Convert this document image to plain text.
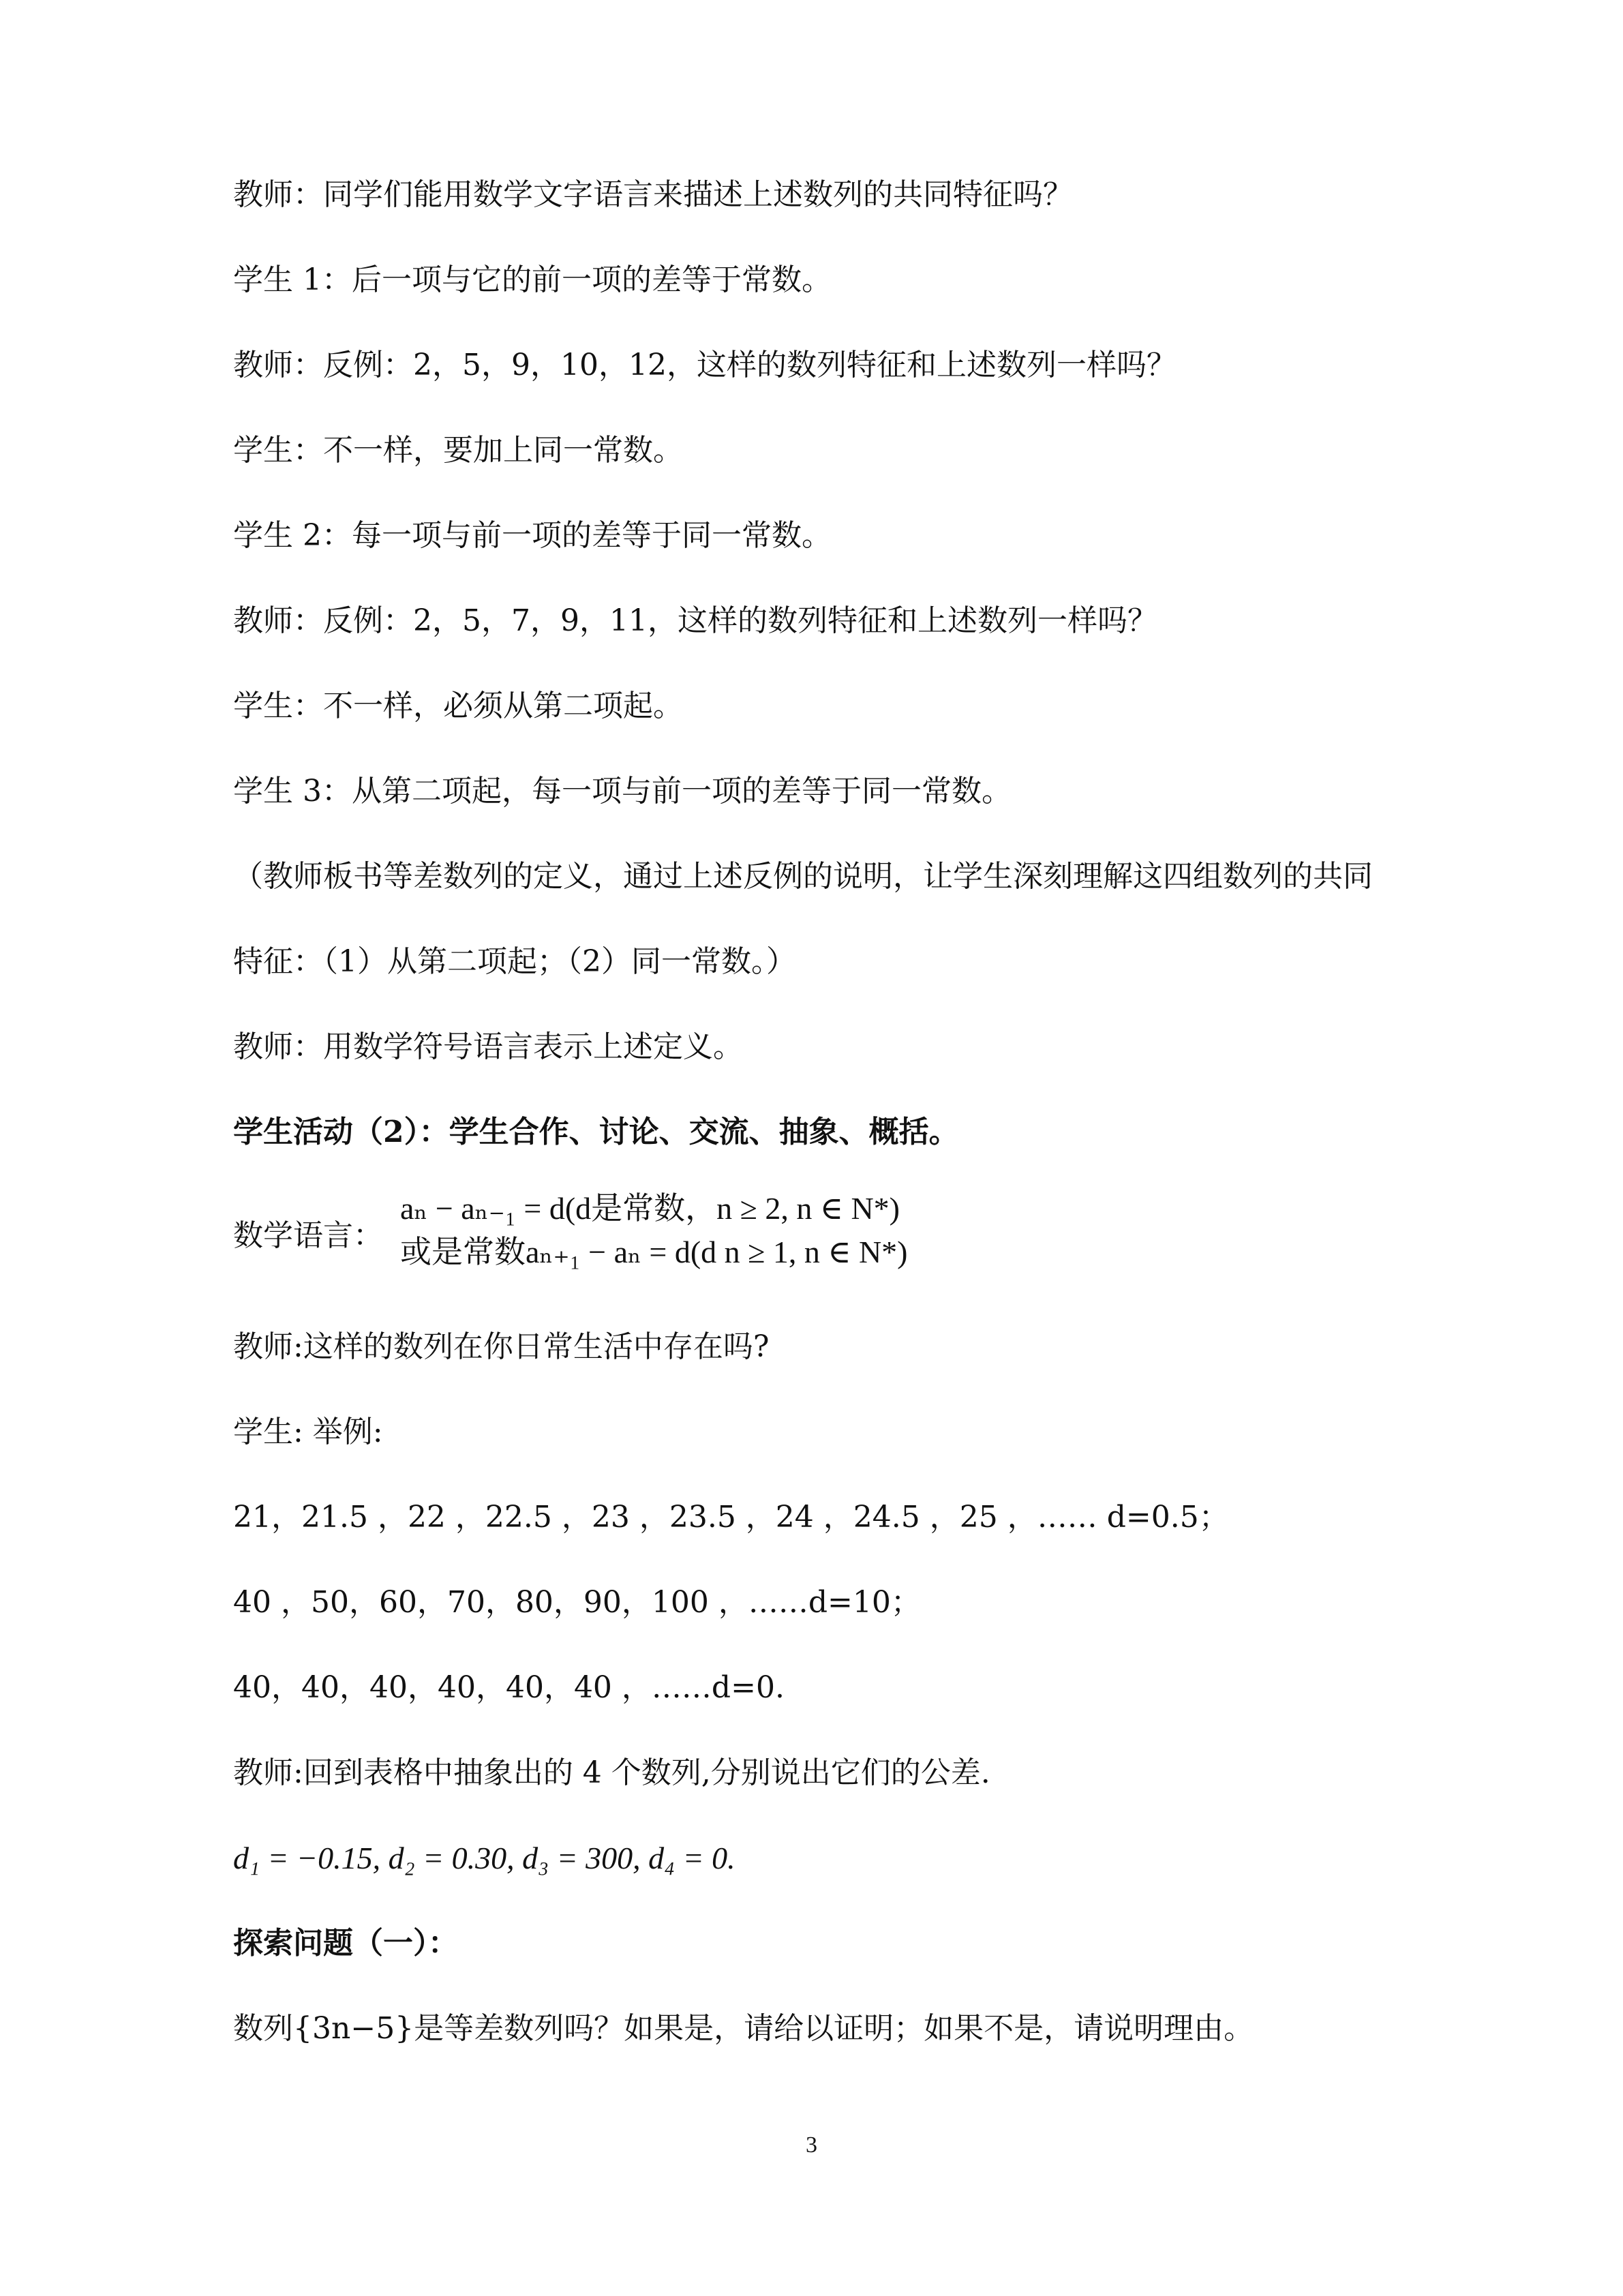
教师：同学们能用数学文字语言来描述上述数列的共同特征吗？
学生 1：后一项与它的前一项的差等于常数。
教师：反例：2，5，9，10，12，这样的数列特征和上述数列一样吗？
学生：不一样，要加上同一常数。
学生 2：每一项与前一项的差等于同一常数。
教师：反例：2，5，7，9，11，这样的数列特征和上述数列一样吗？
学生：不一样，必须从第二项起。
学生 3：从第二项起，每一项与前一项的差等于同一常数。
（教师板书等差数列的定义，通过上述反例的说明，让学生深刻理解这四组数列的共同
特征：（1）从第二项起；（2）同一常数。）
教师：用数学符号语言表示上述定义。
学生活动（2）：学生合作、讨论、交流、抽象、概括。
数学语言：
aₙ − aₙ₋₁ = d(d是常数，n ≥ 2, n ∈ N*)
或是常数aₙ₊₁ − aₙ = d(d n ≥ 1, n ∈ N*)
教师:这样的数列在你日常生活中存在吗?
学生: 举例:
21，21.5 ，22 ，22.5 ，23 ，23.5 ，24 ，24.5 ，25 ，…… d=0.5；
40 ，50，60，70，80，90，100 ，……d=10；
40，40，40，40，40，40 ，……d=0.
教师:回到表格中抽象出的 4 个数列,分别说出它们的公差.
d₁ = −0.15, d₂ = 0.30, d₃ = 300, d₄ = 0.
探索问题（一）：
数列{3n−5}是等差数列吗？如果是，请给以证明；如果不是，请说明理由。
3
